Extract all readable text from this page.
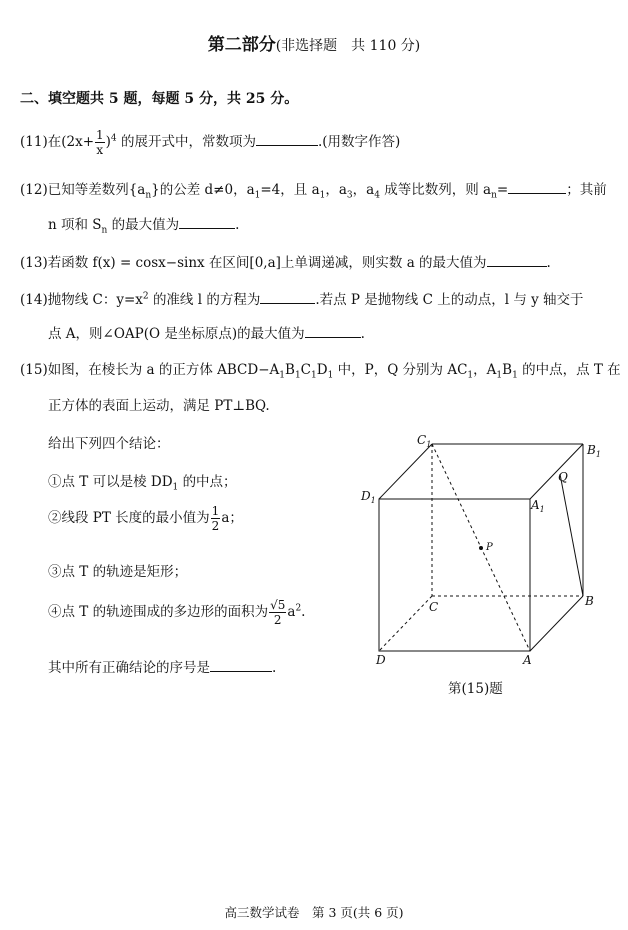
第二部分(非选择题　共 110 分)
二、填空题共 5 题，每题 5 分，共 25 分。
(11)在$(2x+ \frac{1}{x} )^4$ 的展开式中，常数项为	.(用数字作答)
(12)已知等差数列$\{a_n\}$的公差 d≠0，$a_1=4$，且 $a_1$，$a_3$，$a_4$ 成等比数列，则 $a_n=$	；其前
n 项和 $S_n$ 的最大值为	.
(13)若函数 f(x) = cosx−sinx 在区间[0,a]上单调递减，则实数 a 的最大值为	.
(14)抛物线 C：$y=x^2$ 的准线 l 的方程为	.若点 P 是抛物线 C 上的动点，l 与 y 轴交于
点 A，则∠OAP(O 是坐标原点)的最大值为	.
(15)如图，在棱长为 a 的正方体 $ABCD-A_1B_1C_1D_1$ 中，P，Q 分别为 $AC_1$，$A_1B_1$ 的中点，点 T 在
正方体的表面上运动，满足 PT⊥BQ.
给出下列四个结论：
①点 T 可以是棱 $DD_1$ 的中点；
②线段 PT 长度的最小值为 $\frac{1}{2}$ a；
③点 T 的轨迹是矩形；
④点 T 的轨迹围成的多边形的面积为 $\frac{√5}{2} a^2$.
其中所有正确结论的序号是	.
$C_1$	$B_1$
$D_1$	$A_1$
Q
P
C	B
D	A
第(15)题
高三数学试卷　第 3 页(共 6 页)
